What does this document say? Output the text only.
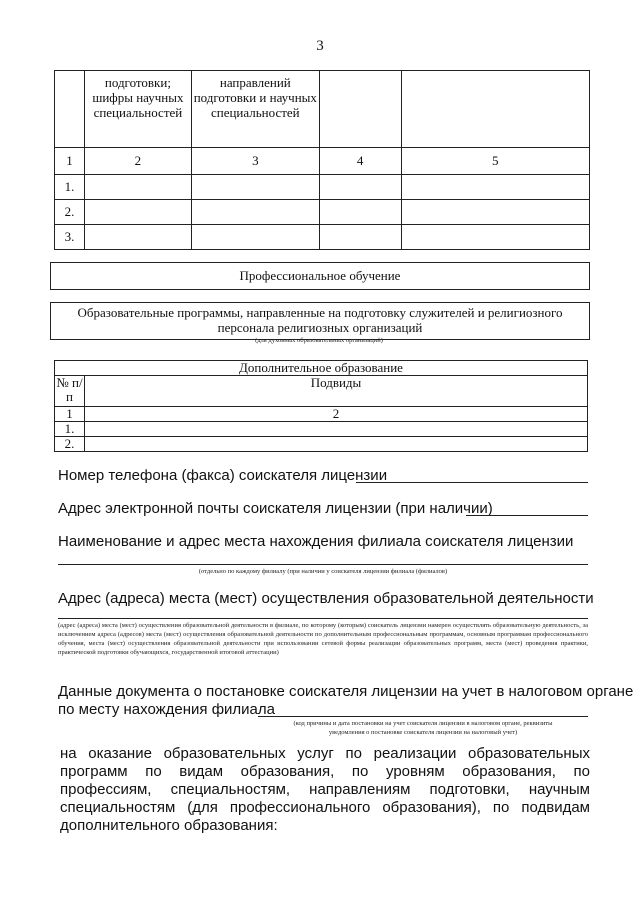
3
	подготовки; шифры научных специальностей	направлений подготовки и научных специальностей		
1	2	3	4	5
1.				
2.				
3.				
Профессиональное обучение
Образовательные программы, направленные на подготовку служителей и религиозного персонала религиозных организаций
(для духовных образовательных организаций)
Дополнительное образование	
№ п/п	Подвиды
1	2
1.	
2.	
Номер телефона (факса) соискателя лицензии
Адрес электронной почты соискателя лицензии (при наличии)
Наименование и адрес места нахождения филиала соискателя лицензии
(отдельно по каждому филиалу (при наличии у соискателя лицензии филиала (филиалов)
Адрес (адреса) места (мест) осуществления образовательной деятельности
(адрес (адреса) места (мест) осуществления образовательной деятельности в филиале, по которому (которым) соискатель лицензии намерен осуществлять образовательную деятельность, за исключением адреса (адресов) места (мест) осуществления образовательной деятельности по дополнительным профессиональным программам, основным программам профессионального обучения, места (мест) осуществления образовательной деятельности при использовании сетевой формы реализации образовательных программ, места (мест) проведения практики, практической подготовки обучающихся, государственной итоговой аттестации)
Данные документа о постановке соискателя лицензии на учет в налоговом органе
по месту нахождения филиала
(код причины и дата постановки на учет соискателя лицензии в налоговом органе, реквизиты уведомления о постановке соискателя лицензии на налоговый учет)
на оказание образовательных услуг по реализации образовательных программ по видам образования, по уровням образования, по профессиям, специальностям, направлениям подготовки, научным специальностям (для профессионального образования), по подвидам дополнительного образования:
